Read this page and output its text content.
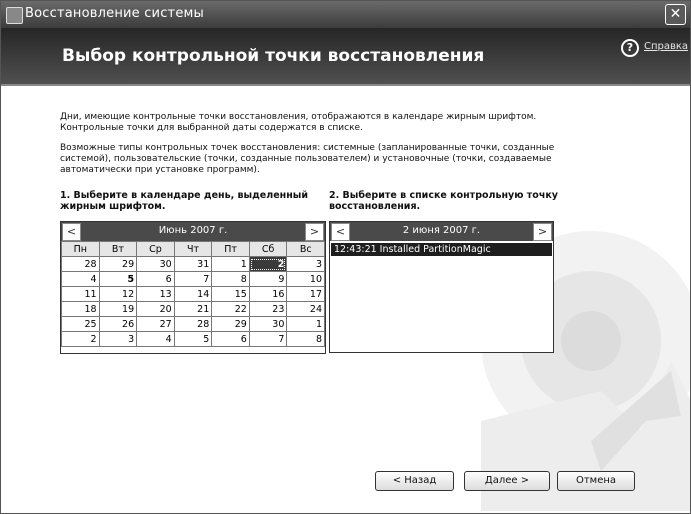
Восстановление системы	✕
Выбор контрольной точки восстановления	?	Справка
Дни, имеющие контрольные точки восстановления, отображаются в календаре жирным шрифтом.
Контрольные точки для выбранной даты содержатся в списке.
Возможные типы контрольных точек восстановления: системные (запланированные точки, созданные
системой), пользовательские (точки, созданные пользователем) и установочные (точки, создаваемые
автоматически при установке программ).
1. Выберите в календаре день, выделенный
жирным шрифтом.
2. Выберите в списке контрольную точку
восстановления.
Июнь 2007 г.
<	>
Пн	Вт	Ср	Чт	Пт	Сб	Вс
28	29	30	31	1	2	3
4	5	6	7	8	9	10
11	12	13	14	15	16	17
18	19	20	21	22	23	24
25	26	27	28	29	30	1
2	3	4	5	6	7	8
2 июня 2007 г.
<	>
12:43:21 Installed PartitionMagic
< Назад	Далее >	Отмена
